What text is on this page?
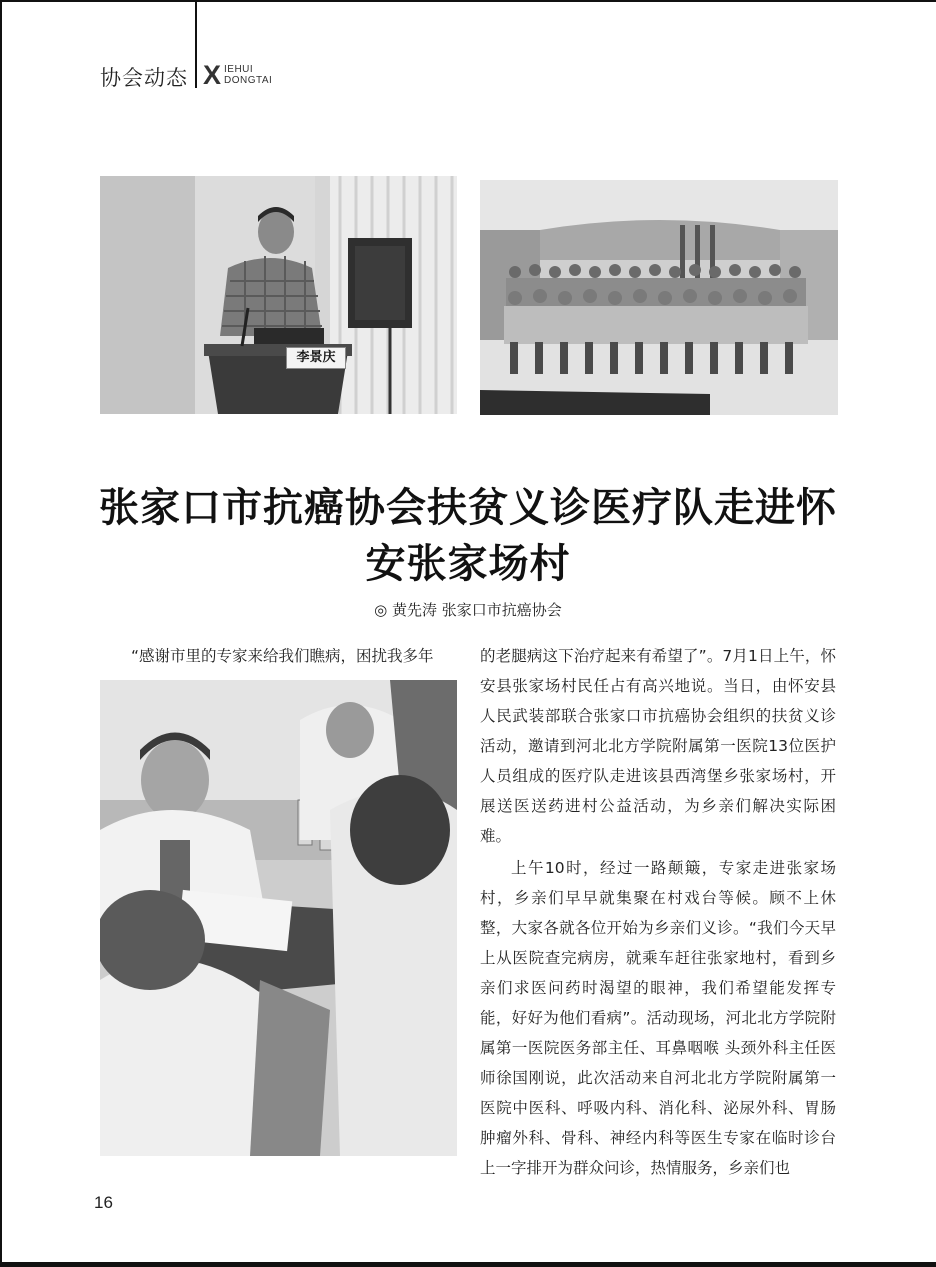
协会动态 X IEHUI
DONGTAI
李景庆
张家口市抗癌协会扶贫义诊医疗队走进怀
安张家场村
◎ 黄先涛 张家口市抗癌协会

“感谢市里的专家来给我们瞧病，困扰我多年	的老腿病这下治疗起来有希望了”。7月1日上午，怀安县张家场村民任占有高兴地说。当日，由怀安县人民武装部联合张家口市抗癌协会组织的扶贫义诊活动，邀请到河北北方学院附属第一医院13位医护人员组成的医疗队走进该县西湾堡乡张家场村，开展送医送药进村公益活动，为乡亲们解决实际困难。

上午10时，经过一路颠簸，专家走进张家场村，乡亲们早早就集聚在村戏台等候。顾不上休整，大家各就各位开始为乡亲们义诊。“我们今天早上从医院查完病房，就乘车赶往张家地村，看到乡亲们求医问药时渴望的眼神，我们希望能发挥专能，好好为他们看病”。活动现场，河北北方学院附属第一医院医务部主任、耳鼻咽喉 头颈外科主任医师徐国刚说，此次活动来自河北北方学院附属第一医院中医科、呼吸内科、消化科、泌尿外科、胃肠肿瘤外科、骨科、神经内科等医生专家在临时诊台上一字排开为群众问诊，热情服务，乡亲们也

16
